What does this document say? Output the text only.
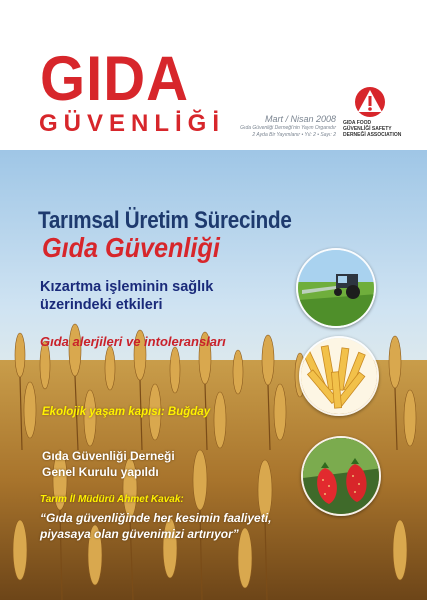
GIDA
GÜVENLİĞİ	Mart / Nisan 2008
Gıda Güvenliği Derneği'nin Yayın Organıdır
2 Ayda Bir Yayımlanır • Yıl: 2 • Sayı: 2
GIDA FOOD
GÜVENLİĞİ SAFETY
DERNEĞİ ASSOCIATION
Tarımsal Üretim Sürecinde
Gıda Güvenliği
Kızartma işleminin sağlık
üzerindeki etkileri
Gıda alerjileri ve intoleransları
Ekolojik yaşam kapısı: Buğday
Gıda Güvenliği Derneği
Genel Kurulu yapıldı
Tarım İl Müdürü Ahmet Kavak:
“Gıda güvenliğinde her kesimin faaliyeti,
piyasaya olan güvenimizi artırıyor”
